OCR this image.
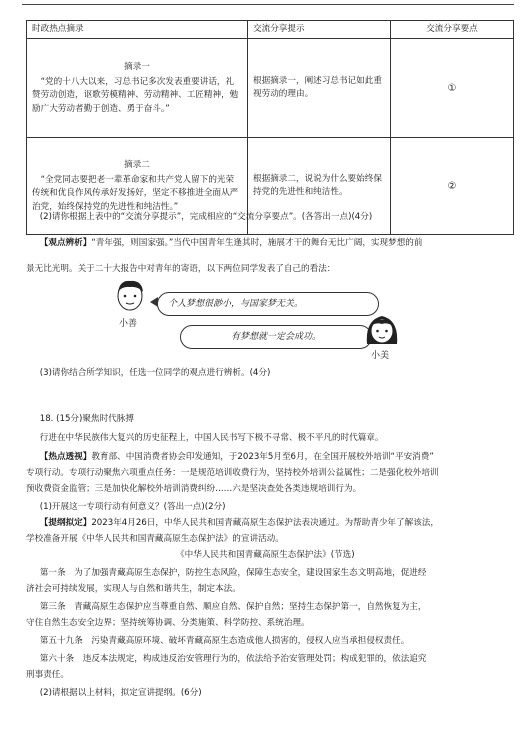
时政热点摘录	交流分享提示	交流分享要点

摘录一
“党的十八大以来，习总书记多次发表重要讲话，礼赞劳动创造，讴歌劳模精神、劳动精神、工匠精神，勉励广大劳动者勤于创造、勇于奋斗。”	根据摘录一，阐述习总书记如此重视劳动的理由。	①

摘录二
“全党同志要把老一辈革命家和共产党人留下的光荣传统和优良作风传承好发扬好，坚定不移推进全面从严治党，始终保持党的先进性和纯洁性。”	根据摘录二，说说为什么要始终保持党的先进性和纯洁性。	②
(2)请你根据上表中的“交流分享提示”，完成相应的“交流分享要点”。(各答出一点)(4分)
【观点辨析】“青年强，则国家强。”当代中国青年生逢其时，施展才干的舞台无比广阔，实现梦想的前
景无比光明。关于二十大报告中对青年的寄语，以下两位同学发表了自己的看法：
小善
个人梦想很渺小，与国家梦无关。
有梦想就一定会成功。
小美
(3)请你结合所学知识，任选一位同学的观点进行辨析。(4分)
18. (15分)聚焦时代脉搏
行进在中华民族伟大复兴的历史征程上，中国人民书写下极不寻常、极不平凡的时代篇章。
【热点透视】教育部、中国消费者协会印发通知，于2023年5月至6月，在全国开展校外培训“平安消费”
专项行动。专项行动聚焦六项重点任务：一是规范培训收费行为，坚持校外培训公益属性；二是强化校外培训
预收费资金监管；三是加快化解校外培训消费纠纷……六是坚决查处各类违规培训行为。
(1)开展这一专项行动有何意义？(答出一点)(2分)
【提纲拟定】2023年4月26日，中华人民共和国青藏高原生态保护法表决通过。为帮助青少年了解该法，
学校准备开展《中华人民共和国青藏高原生态保护法》的宣讲活动。
《中华人民共和国青藏高原生态保护法》(节选)
第一条　为了加强青藏高原生态保护，防控生态风险，保障生态安全，建设国家生态文明高地，促进经
济社会可持续发展，实现人与自然和谐共生，制定本法。
第三条　青藏高原生态保护应当尊重自然、顺应自然、保护自然；坚持生态保护第一，自然恢复为主，
守住自然生态安全边界；坚持统筹协调、分类施策、科学防控、系统治理。
第五十九条　污染青藏高原环境、破坏青藏高原生态造成他人损害的，侵权人应当承担侵权责任。
第六十条　违反本法规定，构成违反治安管理行为的，依法给予治安管理处罚；构成犯罪的，依法追究
刑事责任。
(2)请根据以上材料，拟定宣讲提纲。(6分)
